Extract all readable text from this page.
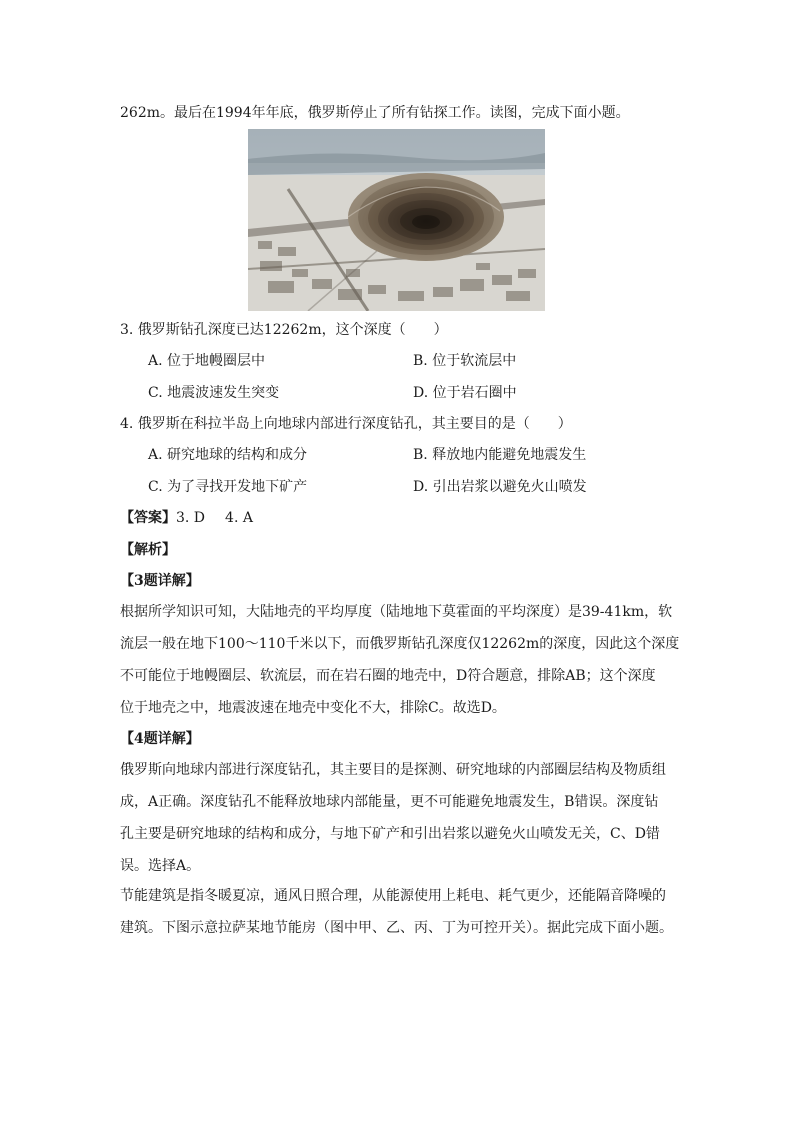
262m。最后在1994年年底，俄罗斯停止了所有钻探工作。读图，完成下面小题。
3. 俄罗斯钻孔深度已达12262m，这个深度（　　）
A. 位于地幔圈层中	B. 位于软流层中
C. 地震波速发生突变	D. 位于岩石圈中
4. 俄罗斯在科拉半岛上向地球内部进行深度钻孔，其主要目的是（　　）
A. 研究地球的结构和成分	B. 释放地内能避免地震发生
C. 为了寻找开发地下矿产	D. 引出岩浆以避免火山喷发
【答案】3. D 4. A
【解析】
【3题详解】
根据所学知识可知，大陆地壳的平均厚度（陆地地下莫霍面的平均深度）是39-41km，软
流层一般在地下100～110千米以下，而俄罗斯钻孔深度仅12262m的深度，因此这个深度
不可能位于地幔圈层、软流层，而在岩石圈的地壳中，D符合题意，排除AB；这个深度
位于地壳之中，地震波速在地壳中变化不大，排除C。故选D。
【4题详解】
俄罗斯向地球内部进行深度钻孔，其主要目的是探测、研究地球的内部圈层结构及物质组
成，A正确。深度钻孔不能释放地球内部能量，更不可能避免地震发生，B错误。深度钻
孔主要是研究地球的结构和成分，与地下矿产和引出岩浆以避免火山喷发无关，C、D错
误。选择A。
节能建筑是指冬暖夏凉，通风日照合理，从能源使用上耗电、耗气更少，还能隔音降噪的
建筑。下图示意拉萨某地节能房（图中甲、乙、丙、丁为可控开关）。据此完成下面小题。
